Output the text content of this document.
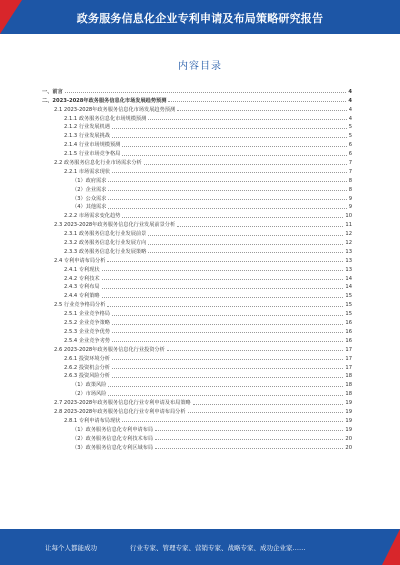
政务服务信息化企业专利申请及布局策略研究报告
内容目录
一、前言	4
二、2023-2028年政务服务信息化市场发展趋势预测	4
2.1 2023-2028年政务服务信息化市场发展趋势预测	4
2.1.1 政务服务信息化市场规模预测	4
2.1.2 行业发展机遇	5
2.1.3 行业发展挑战	5
2.1.4 行业市场规模预测	6
2.1.5 行业市场竞争格局	6
2.2 政务服务信息化行业市场需求分析	7
2.2.1 市场需求现状	7
（1）政府需求	8
（2）企业需求	8
（3）公众需求	9
（4）其他需求	9
2.2.2 市场需求变化趋势	10
2.3 2023-2028年政务服务信息化行业发展前景分析	11
2.3.1 政务服务信息化行业发展前景	12
2.3.2 政务服务信息化行业发展方向	12
2.3.3 政务服务信息化行业发展策略	13
2.4 专利申请布局分析	13
2.4.1 专利现状	13
2.4.2 专利技术	14
2.4.3 专利布局	14
2.4.4 专利策略	15
2.5 行业竞争格局分析	15
2.5.1 企业竞争格局	15
2.5.2 企业竞争策略	16
2.5.3 企业竞争优势	16
2.5.4 企业竞争劣势	16
2.6 2023-2028年政务服务信息化行业投资分析	17
2.6.1 投资环境分析	17
2.6.2 投资机会分析	17
2.6.3 投资风险分析	18
（1）政策风险	18
（2）市场风险	18
2.7 2023-2028年政务服务信息化行业专利申请及布局策略	19
2.8 2023-2028年政务服务信息化行业专利申请布局分析	19
2.8.1 专利申请布局现状	19
（1）政务服务信息化专利申请布局	19
（2）政务服务信息化专利技术布局	20
（3）政务服务信息化专利区域布局	20
让每个人都能成功	行业专家、管理专家、营销专家、战略专家、成功企业家……
